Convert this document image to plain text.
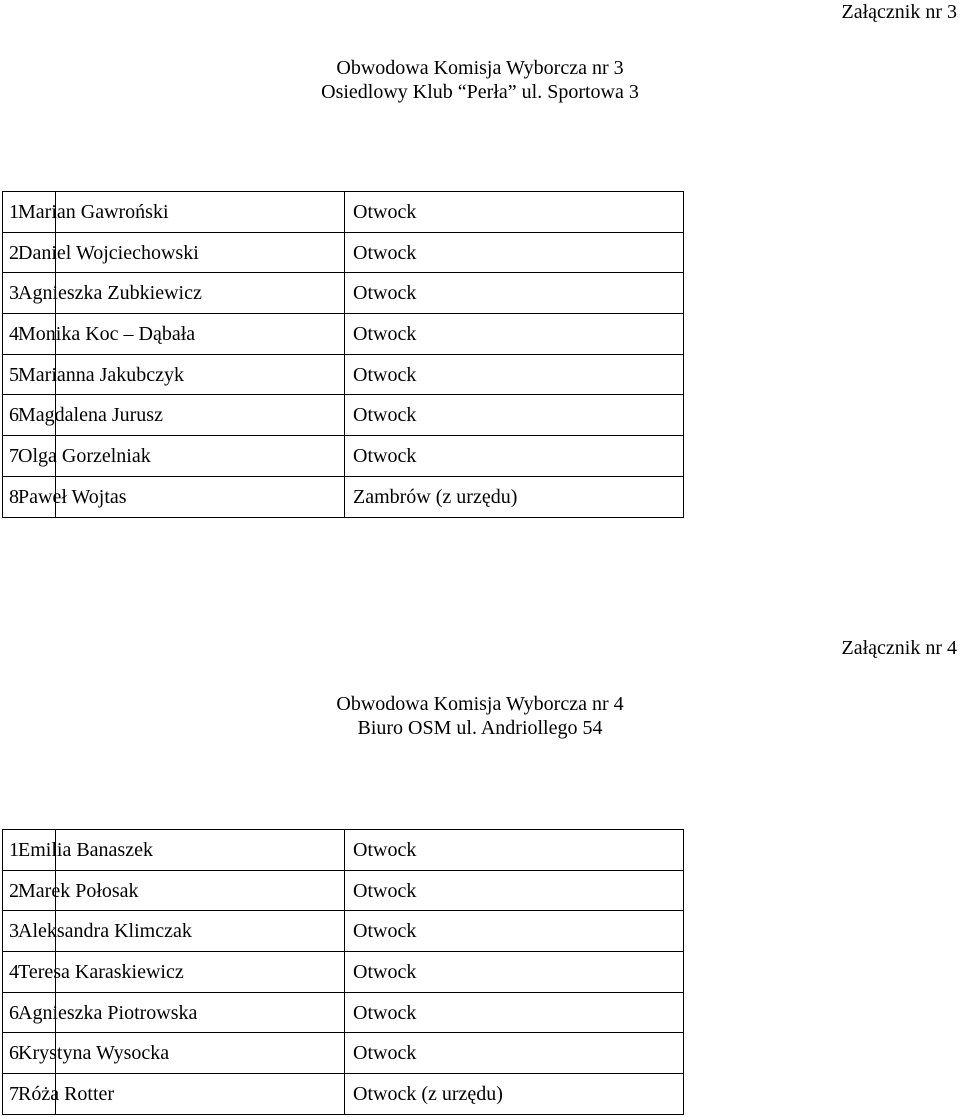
Załącznik nr 3
Obwodowa Komisja Wyborcza nr 3
Osiedlowy Klub “Perła” ul. Sportowa 3
1	Marian Gawroński	Otwock
2	Daniel Wojciechowski	Otwock
3	Agnieszka Zubkiewicz	Otwock
4	Monika Koc – Dąbała	Otwock
5	Marianna Jakubczyk	Otwock
6	Magdalena Jurusz	Otwock
7	Olga Gorzelniak	Otwock
8	Paweł Wojtas	Zambrów (z urzędu)
Załącznik nr 4
Obwodowa Komisja Wyborcza nr 4
Biuro OSM ul. Andriollego 54
1	Emilia Banaszek	Otwock
2	Marek Połosak	Otwock
3	Aleksandra Klimczak	Otwock
4	Teresa Karaskiewicz	Otwock
6	Agnieszka Piotrowska	Otwock
6	Krystyna Wysocka	Otwock
7	Róża Rotter	Otwock (z urzędu)
